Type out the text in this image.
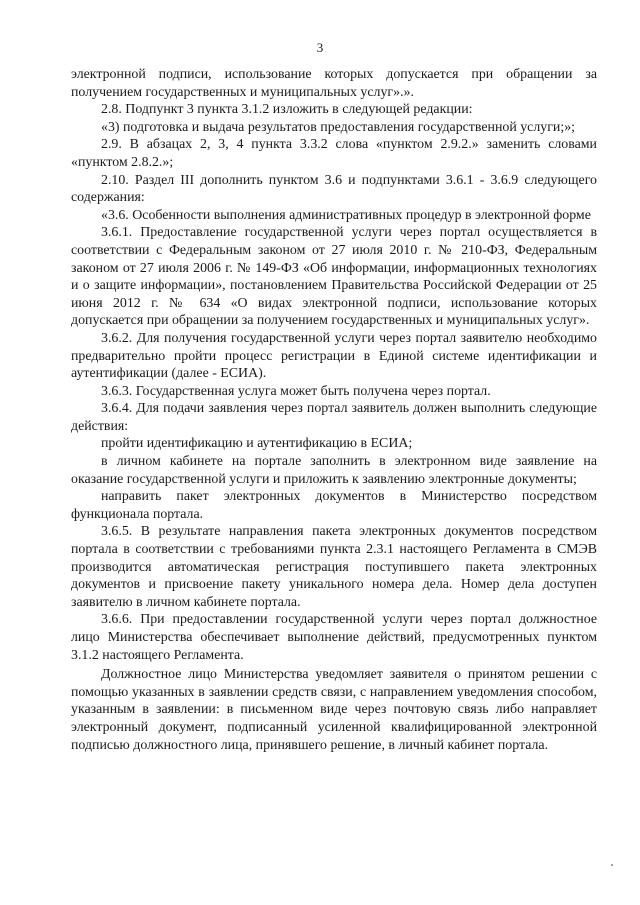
3

электронной подписи, использование которых допускается при обращении за получением государственных и муниципальных услуг».».

2.8. Подпункт 3 пункта 3.1.2 изложить в следующей редакции:

«3) подготовка и выдача результатов предоставления государственной услуги;»;

2.9. В абзацах 2, 3, 4 пункта 3.3.2 слова «пунктом 2.9.2.» заменить словами «пунктом 2.8.2.»;

2.10. Раздел III дополнить пунктом 3.6 и подпунктами 3.6.1 - 3.6.9 следующего содержания:

«3.6. Особенности выполнения административных процедур в электронной форме

3.6.1. Предоставление государственной услуги через портал осуществляется в соответствии с Федеральным законом от 27 июля 2010 г. № 210-ФЗ, Федеральным законом от 27 июля 2006 г. № 149-ФЗ «Об информации, информационных технологиях и о защите информации», постановлением Правительства Российской Федерации от 25 июня 2012 г. № 634 «О видах электронной подписи, использование которых допускается при обращении за получением государственных и муниципальных услуг».

3.6.2. Для получения государственной услуги через портал заявителю необходимо предварительно пройти процесс регистрации в Единой системе идентификации и аутентификации (далее - ЕСИА).

3.6.3. Государственная услуга может быть получена через портал.

3.6.4. Для подачи заявления через портал заявитель должен выполнить следующие действия:

пройти идентификацию и аутентификацию в ЕСИА;

в личном кабинете на портале заполнить в электронном виде заявление на оказание государственной услуги и приложить к заявлению электронные документы;

направить пакет электронных документов в Министерство посредством функционала портала.

3.6.5. В результате направления пакета электронных документов посредством портала в соответствии с требованиями пункта 2.3.1 настоящего Регламента в СМЭВ производится автоматическая регистрация поступившего пакета электронных документов и присвоение пакету уникального номера дела. Номер дела доступен заявителю в личном кабинете портала.

3.6.6. При предоставлении государственной услуги через портал должностное лицо Министерства обеспечивает выполнение действий, предусмотренных пунктом 3.1.2 настоящего Регламента.

Должностное лицо Министерства уведомляет заявителя о принятом решении с помощью указанных в заявлении средств связи, с направлением уведомления способом, указанным в заявлении: в письменном виде через почтовую связь либо направляет электронный документ, подписанный усиленной квалифицированной электронной подписью должностного лица, принявшего решение, в личный кабинет портала.
